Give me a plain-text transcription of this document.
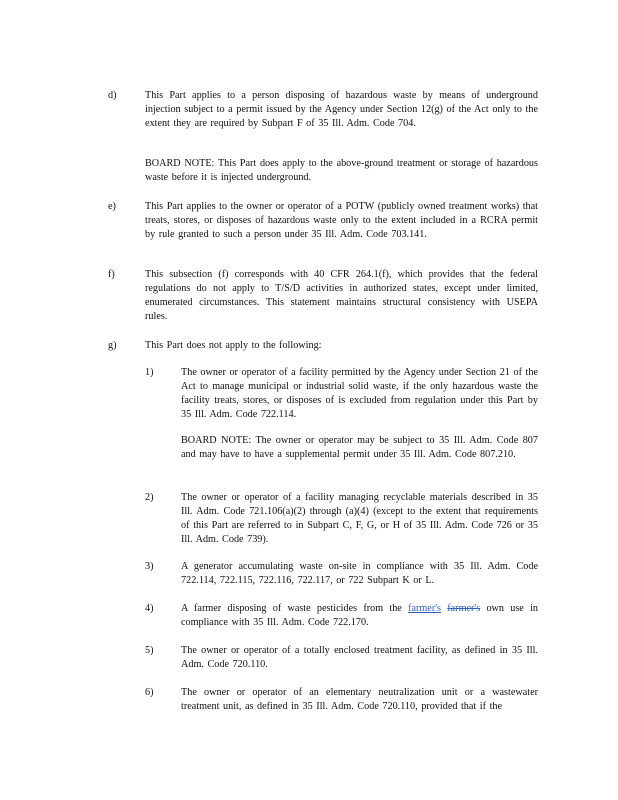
d)	This Part applies to a person disposing of hazardous waste by means of underground injection subject to a permit issued by the Agency under Section 12(g) of the Act only to the extent they are required by Subpart F of 35 Ill. Adm. Code 704.
BOARD NOTE: This Part does apply to the above-ground treatment or storage of hazardous waste before it is injected underground.
e)	This Part applies to the owner or operator of a POTW (publicly owned treatment works) that treats, stores, or disposes of hazardous waste only to the extent included in a RCRA permit by rule granted to such a person under 35 Ill. Adm. Code 703.141.
f)	This subsection (f) corresponds with 40 CFR 264.1(f), which provides that the federal regulations do not apply to T/S/D activities in authorized states, except under limited, enumerated circumstances. This statement maintains structural consistency with USEPA rules.
g)	This Part does not apply to the following:
1)	The owner or operator of a facility permitted by the Agency under Section 21 of the Act to manage municipal or industrial solid waste, if the only hazardous waste the facility treats, stores, or disposes of is excluded from regulation under this Part by 35 Ill. Adm. Code 722.114.
BOARD NOTE: The owner or operator may be subject to 35 Ill. Adm. Code 807 and may have to have a supplemental permit under 35 Ill. Adm. Code 807.210.
2)	The owner or operator of a facility managing recyclable materials described in 35 Ill. Adm. Code 721.106(a)(2) through (a)(4) (except to the extent that requirements of this Part are referred to in Subpart C, F, G, or H of 35 Ill. Adm. Code 726 or 35 Ill. Adm. Code 739).
3)	A generator accumulating waste on-site in compliance with 35 Ill. Adm. Code 722.114, 722.115, 722.116, 722.117, or 722 Subpart K or L.
4)	A farmer disposing of waste pesticides from the farmer's farmer's own use in compliance with 35 Ill. Adm. Code 722.170.
5)	The owner or operator of a totally enclosed treatment facility, as defined in 35 Ill. Adm. Code 720.110.
6)	The owner or operator of an elementary neutralization unit or a wastewater treatment unit, as defined in 35 Ill. Adm. Code 720.110, provided that if the
